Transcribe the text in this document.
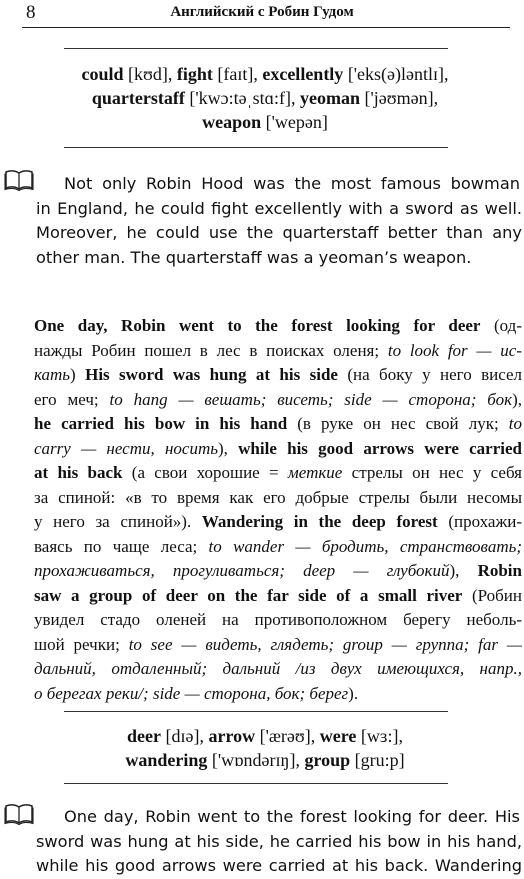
8	Английский с Робин Гудом
could [kʊd], fight [faɪt], excellently ['eks(ə)ləntlɪ],
quarterstaff ['kwɔ:təˌstɑ:f], yeoman ['jəʊmən],
weapon ['wepən]

Not only Robin Hood was the most famous bowman

in England, he could fight excellently with a sword as well.
Moreover, he could use the quarterstaff better than any
other man. The quarterstaff was a yeoman’s weapon.

One day, Robin went to the forest looking for deer (од-
нажды Робин пошел в лес в поисках оленя; to look for — ис-
кать) His sword was hung at his side (на боку у него висел
его меч; to hang — вешать; висеть; side — сторона; бок),
he carried his bow in his hand (в руке он нес свой лук; to
carry — нести, носить), while his good arrows were carried
at his back (а свои хорошие = меткие стрелы он нес у себя
за спиной: «в то время как его добрые стрелы были несомы
у него за спиной»). Wandering in the deep forest (прохажи-
ваясь по чаще леса; to wander — бродить, странствовать;
прохаживаться, прогуливаться; deep — глубокий), Robin
saw a group of deer on the far side of a small river (Робин
увидел стадо оленей на противоположном берегу неболь-
шой речки; to see — видеть, глядеть; group — группа; far —
дальний, отдаленный; дальний /из двух имеющихся, напр.,
о берегах реки/; side — сторона, бок; берег).
deer [dɪə], arrow ['ærəʊ], were [wɜ:],
wandering ['wɒndərɪŋ], group [gru:p]

One day, Robin went to the forest looking for deer. His

sword was hung at his side, he carried his bow in his hand,
while his good arrows were carried at his back. Wandering
